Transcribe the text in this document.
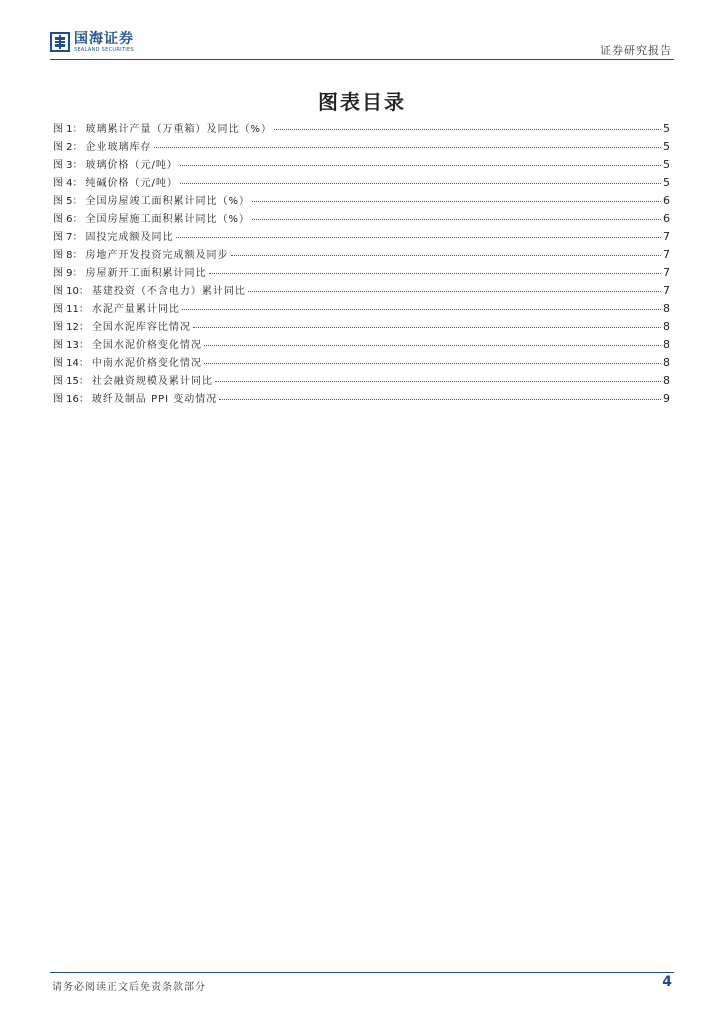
国海证券
SEALAND SECURITIES	证券研究报告
图表目录
图 1 ： 玻璃累计产量（万重箱）及同比（%）	5
图 2 ： 企业玻璃库存	5
图 3 ： 玻璃价格（元/吨）	5
图 4 ： 纯碱价格（元/吨）	5
图 5 ： 全国房屋竣工面积累计同比（%）	6
图 6 ： 全国房屋施工面积累计同比（%）	6
图 7 ： 固投完成额及同比	7
图 8 ： 房地产开发投资完成额及同步	7
图 9 ： 房屋新开工面积累计同比	7
图 10 ： 基建投资（不含电力）累计同比	7
图 11 ： 水泥产量累计同比	8
图 12 ： 全国水泥库容比情况	8
图 13 ： 全国水泥价格变化情况	8
图 14 ： 中南水泥价格变化情况	8
图 15 ： 社会融资规模及累计同比	8
图 16 ： 玻纤及制品 PPI 变动情况	9
请务必阅读正文后免责条款部分	4
